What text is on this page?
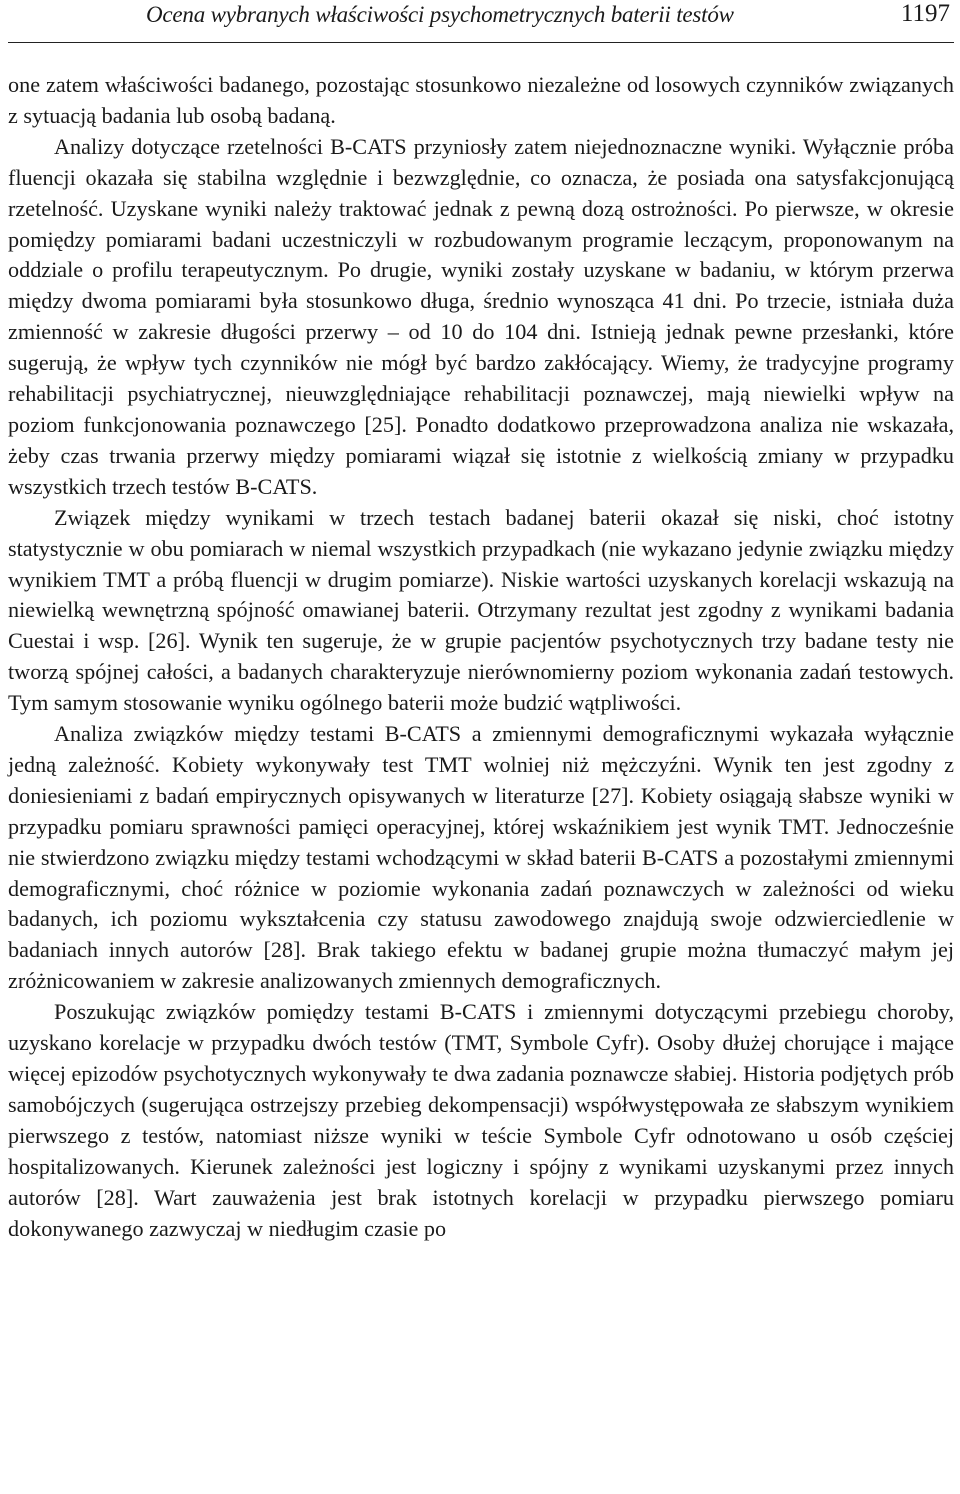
Ocena wybranych właściwości psychometrycznych baterii testów	1197

one zatem właściwości badanego, pozostając stosunkowo niezależne od losowych czynników związanych z sytuacją badania lub osobą badaną.

Analizy dotyczące rzetelności B-CATS przyniosły zatem niejednoznaczne wyniki. Wyłącznie próba fluencji okazała się stabilna względnie i bezwzględnie, co oznacza, że posiada ona satysfakcjonującą rzetelność. Uzyskane wyniki należy traktować jednak z pewną dozą ostrożności. Po pierwsze, w okresie pomiędzy pomiarami badani uczestniczyli w rozbudowanym programie leczącym, proponowanym na oddziale o profilu terapeutycznym. Po drugie, wyniki zostały uzyskane w badaniu, w którym przerwa między dwoma pomiarami była stosunkowo długa, średnio wynosząca 41 dni. Po trzecie, istniała duża zmienność w zakresie długości przerwy – od 10 do 104 dni. Istnieją jednak pewne przesłanki, które sugerują, że wpływ tych czynników nie mógł być bardzo zakłócający. Wiemy, że tradycyjne programy rehabilitacji psychiatrycznej, nieuwzględniające rehabilitacji poznawczej, mają niewielki wpływ na poziom funkcjonowania poznawczego [25]. Ponadto dodatkowo przeprowadzona analiza nie wskazała, żeby czas trwania przerwy między pomiarami wiązał się istotnie z wielkością zmiany w przypadku wszystkich trzech testów B-CATS.

Związek między wynikami w trzech testach badanej baterii okazał się niski, choć istotny statystycznie w obu pomiarach w niemal wszystkich przypadkach (nie wykazano jedynie związku między wynikiem TMT a próbą fluencji w drugim pomiarze). Niskie wartości uzyskanych korelacji wskazują na niewielką wewnętrzną spójność omawianej baterii. Otrzymany rezultat jest zgodny z wynikami badania Cuestai i wsp. [26]. Wynik ten sugeruje, że w grupie pacjentów psychotycznych trzy badane testy nie tworzą spójnej całości, a badanych charakteryzuje nierównomierny poziom wykonania zadań testowych. Tym samym stosowanie wyniku ogólnego baterii może budzić wątpliwości.

Analiza związków między testami B-CATS a zmiennymi demograficznymi wykazała wyłącznie jedną zależność. Kobiety wykonywały test TMT wolniej niż mężczyźni. Wynik ten jest zgodny z doniesieniami z badań empirycznych opisywanych w literaturze [27]. Kobiety osiągają słabsze wyniki w przypadku pomiaru sprawności pamięci operacyjnej, której wskaźnikiem jest wynik TMT. Jednocześnie nie stwierdzono związku między testami wchodzącymi w skład baterii B-CATS a pozostałymi zmiennymi demograficznymi, choć różnice w poziomie wykonania zadań poznawczych w zależności od wieku badanych, ich poziomu wykształcenia czy statusu zawodowego znajdują swoje odzwierciedlenie w badaniach innych autorów [28]. Brak takiego efektu w badanej grupie można tłumaczyć małym jej zróżnicowaniem w zakresie analizowanych zmiennych demograficznych.

Poszukując związków pomiędzy testami B-CATS i zmiennymi dotyczącymi przebiegu choroby, uzyskano korelacje w przypadku dwóch testów (TMT, Symbole Cyfr). Osoby dłużej chorujące i mające więcej epizodów psychotycznych wykonywały te dwa zadania poznawcze słabiej. Historia podjętych prób samobójczych (sugerująca ostrzejszy przebieg dekompensacji) współwystępowała ze słabszym wynikiem pierwszego z testów, natomiast niższe wyniki w teście Symbole Cyfr odnotowano u osób częściej hospitalizowanych. Kierunek zależności jest logiczny i spójny z wynikami uzyskanymi przez innych autorów [28]. Wart zauważenia jest brak istotnych korelacji w przypadku pierwszego pomiaru dokonywanego zazwyczaj w niedługim czasie po
